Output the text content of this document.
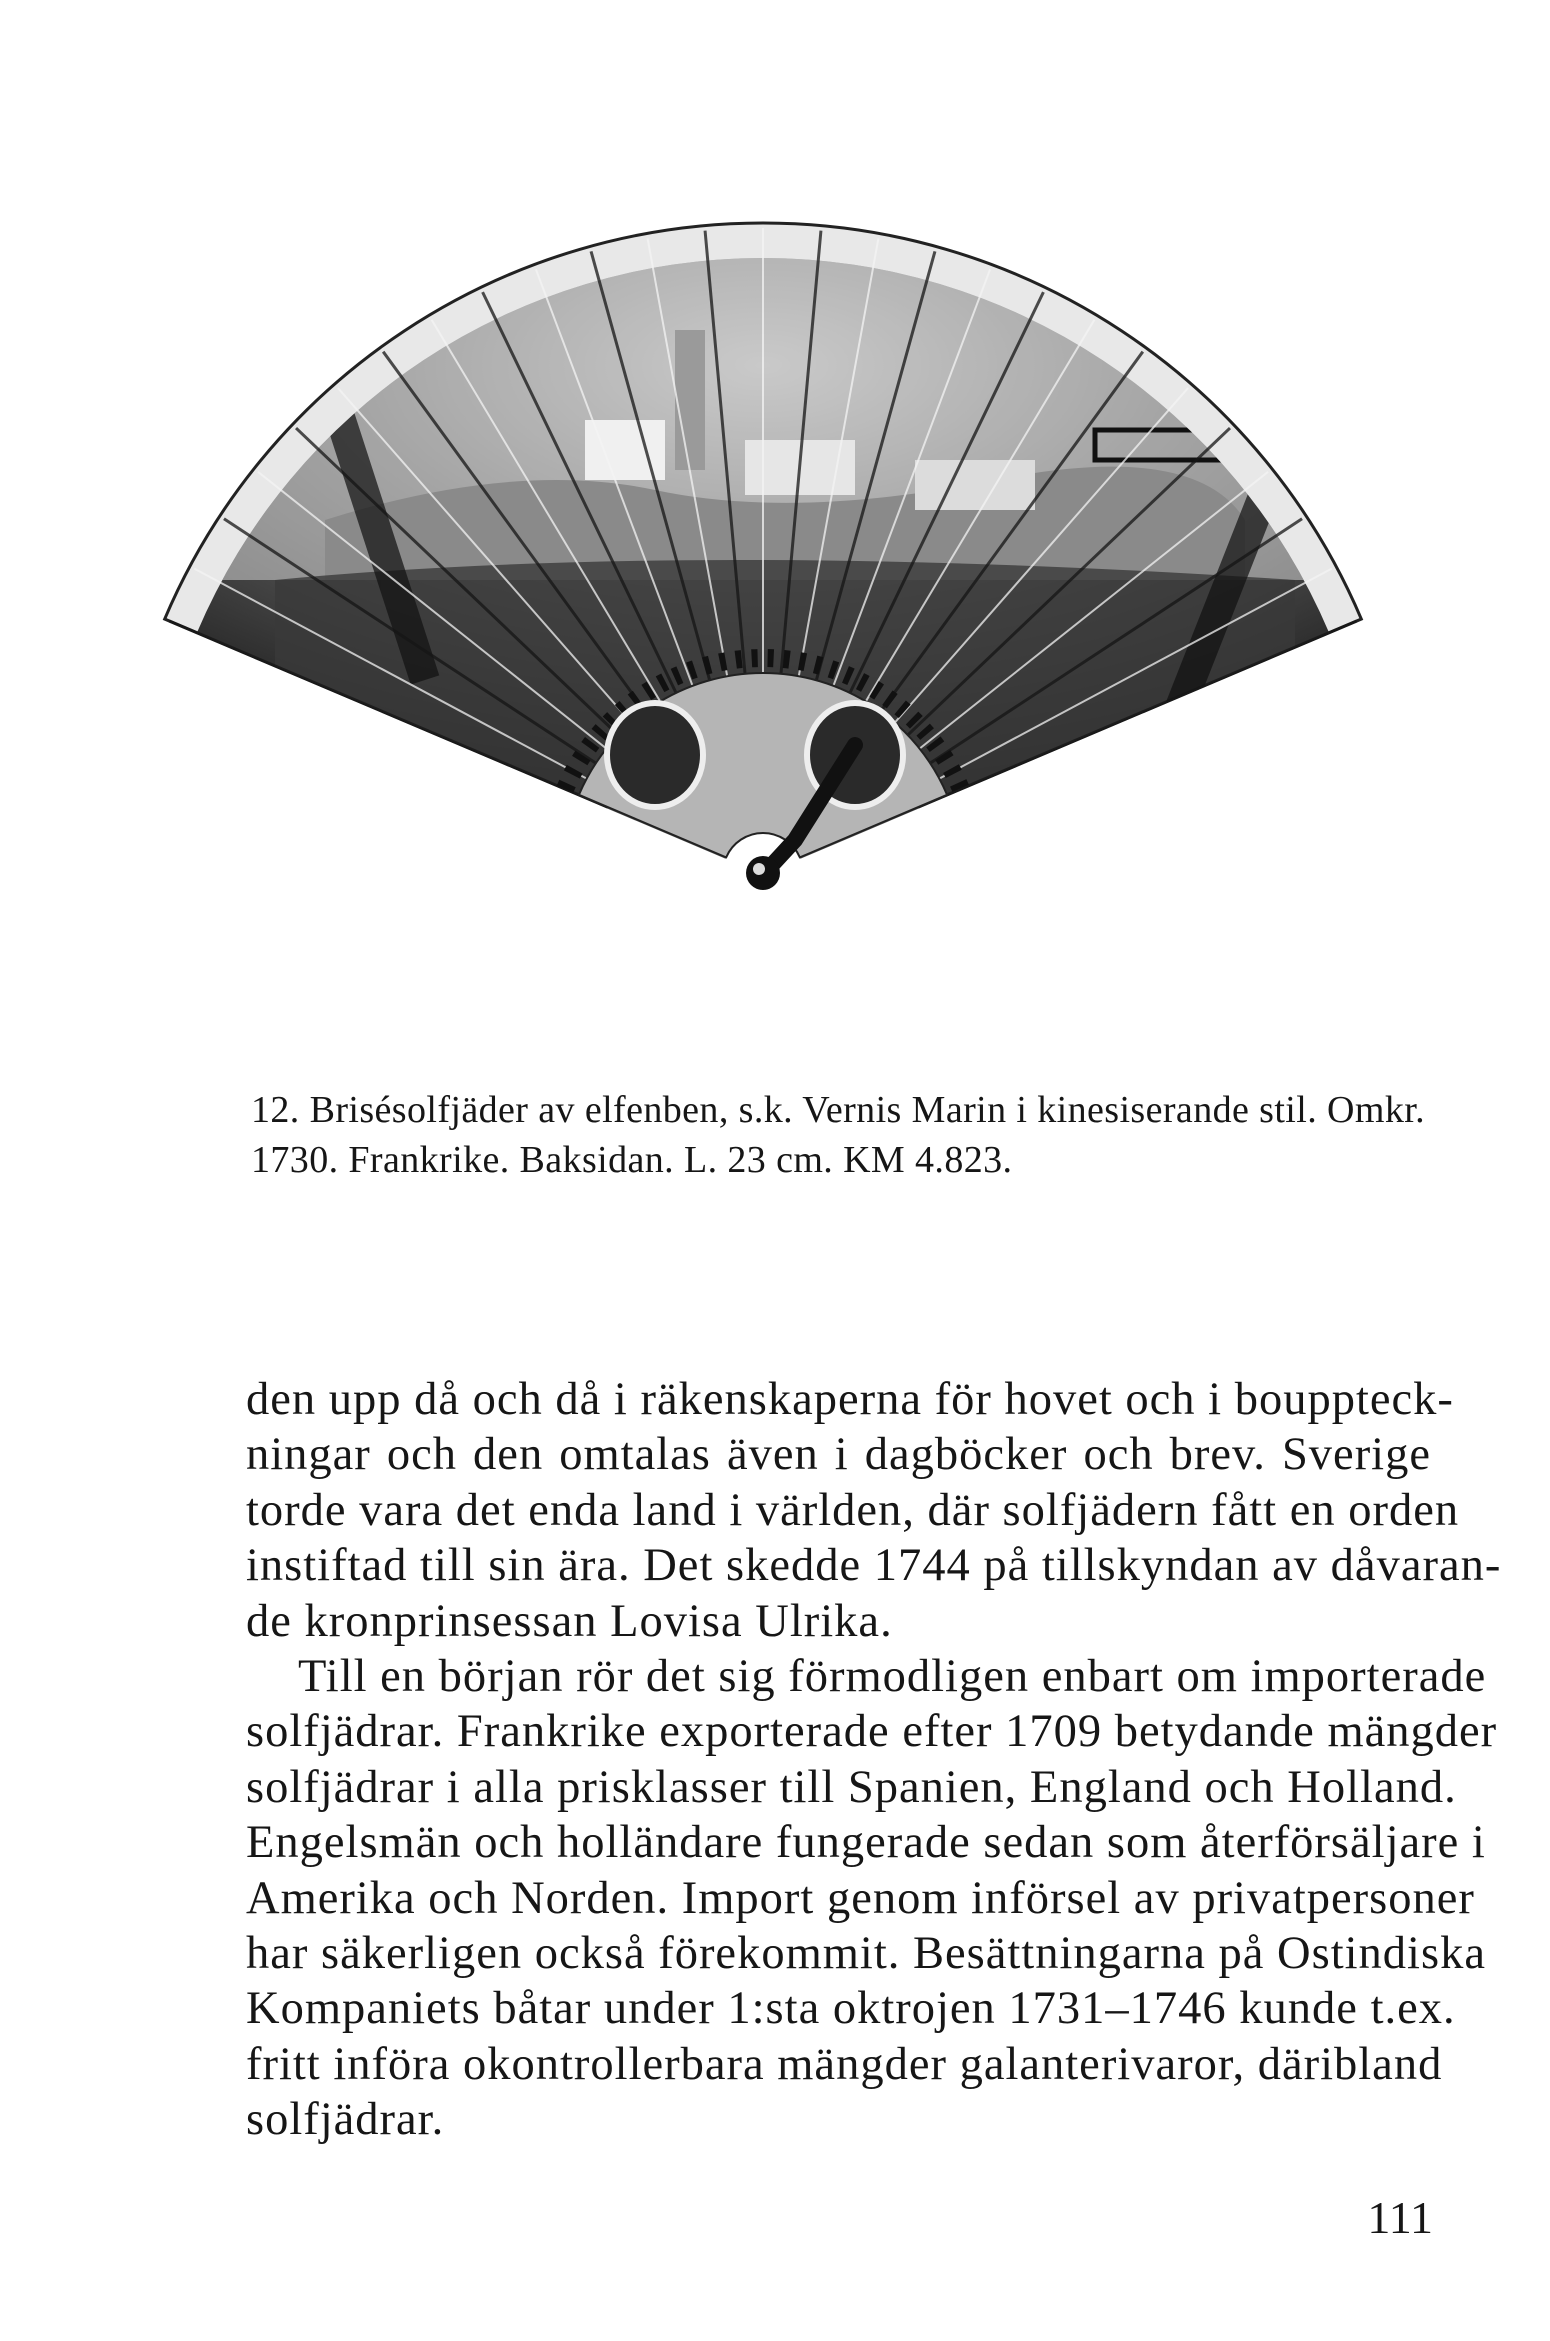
12. Brisésolfjäder av elfenben, s.k. Vernis Marin i kinesiserande stil. Omkr.
1730. Frankrike. Baksidan. L. 23 cm. KM 4.823.
den upp då och då i räkenskaperna för hovet och i bouppteck-
ningar och den omtalas även i dagböcker och brev. Sverige
torde vara det enda land i världen, där solfjädern fått en orden
instiftad till sin ära. Det skedde 1744 på tillskyndan av dåvaran-
de kronprinsessan Lovisa Ulrika.
Till en början rör det sig förmodligen enbart om importerade
solfjädrar. Frankrike exporterade efter 1709 betydande mängder
solfjädrar i alla prisklasser till Spanien, England och Holland.
Engelsmän och holländare fungerade sedan som återförsäljare i
Amerika och Norden. Import genom införsel av privatpersoner
har säkerligen också förekommit. Besättningarna på Ostindiska
Kompaniets båtar under 1:sta oktrojen 1731–1746 kunde t.ex.
fritt införa okontrollerbara mängder galanterivaror, däribland
solfjädrar.
111
